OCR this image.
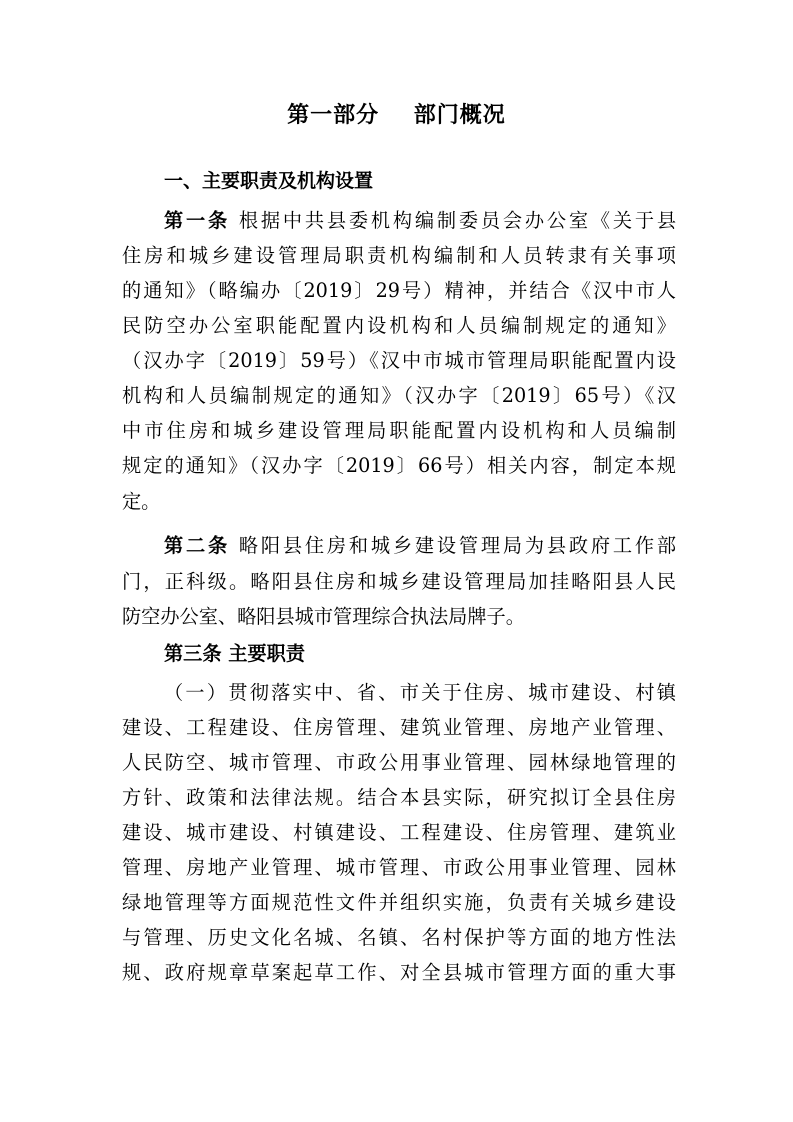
第一部分    部门概况
一、主要职责及机构设置
第一条 根据中共县委机构编制委员会办公室《关于县
住房和城乡建设管理局职责机构编制和人员转隶有关事项
的通知》（略编办〔2019〕29号）精神，并结合《汉中市人
民防空办公室职能配置内设机构和人员编制规定的通知》
（汉办字〔2019〕59号）《汉中市城市管理局职能配置内设
机构和人员编制规定的通知》（汉办字〔2019〕65号）《汉
中市住房和城乡建设管理局职能配置内设机构和人员编制
规定的通知》（汉办字〔2019〕66号）相关内容，制定本规
定。
第二条 略阳县住房和城乡建设管理局为县政府工作部
门，正科级。略阳县住房和城乡建设管理局加挂略阳县人民
防空办公室、略阳县城市管理综合执法局牌子。
第三条 主要职责
（一）贯彻落实中、省、市关于住房、城市建设、村镇
建设、工程建设、住房管理、建筑业管理、房地产业管理、
人民防空、城市管理、市政公用事业管理、园林绿地管理的
方针、政策和法律法规。结合本县实际，研究拟订全县住房
建设、城市建设、村镇建设、工程建设、住房管理、建筑业
管理、房地产业管理、城市管理、市政公用事业管理、园林
绿地管理等方面规范性文件并组织实施，负责有关城乡建设
与管理、历史文化名城、名镇、名村保护等方面的地方性法
规、政府规章草案起草工作、对全县城市管理方面的重大事
